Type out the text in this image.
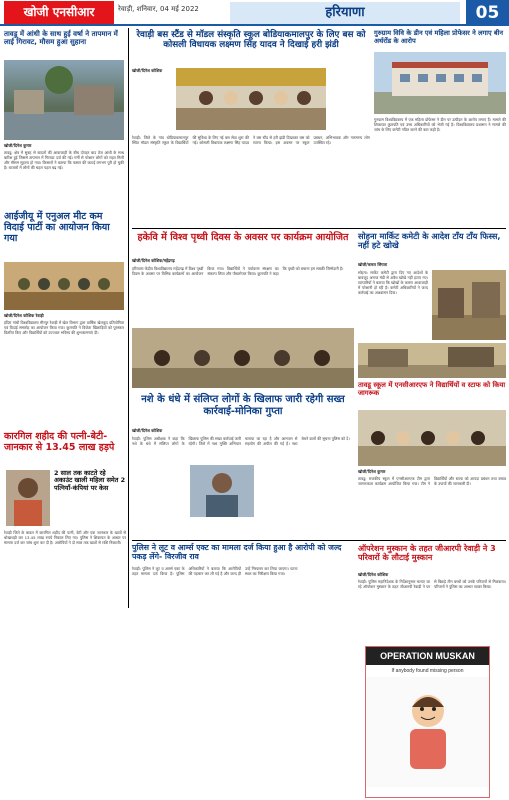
खोजी एनसीआर	रेवाड़ी, शनिवार, 04 मई 2022	हरियाणा	05
तावडू में आंधी के साथ हुई वर्षा ने तापमान में लाई गिरावट, मौसम हुआ सुहाना
खोजी/दिनेश कुमार
तावडू: क्षेत्र में सुबह से बादलों की आवाजाही के बीच दोपहर बाद तेज आंधी के साथ बारिश हुई जिससे तापमान में गिरावट दर्ज की गई। गर्मी से परेशान लोगों को राहत मिली और मौसम सुहाना हो गया। किसानों ने बताया कि फसल की कटाई लगभग पूरी हो चुकी है। बाजारों में लोगों की चहल पहल बढ़ गई।
आईजीयू में एनुअल मीट कम विदाई पार्टी का आयोजन किया गया
खोजी/दिनेश कोशिक रेवाड़ी
इंदिरा गांधी विश्वविद्यालय मीरपुर रेवाड़ी में खेल विभाग द्वारा वार्षिक खेलकूद प्रतियोगिता एवं विदाई समारोह का आयोजन किया गया। कुलपति ने विजेता खिलाड़ियों को पुरस्कार वितरित किए और विद्यार्थियों को उज्ज्वल भविष्य की शुभकामनाएं दी।
कारगिल शहीद की पत्नी-बेटी-जानकार से 13.45 लाख हड़पे
2 साल तक काटते रहे अकाउंट खाली महिला समेत 2 पत्नियाँ-कंपियां पर केस
रेवाड़ी जिले के बावल में कारगिल शहीद की पत्नी, बेटी और एक जानकार के खातों से धोखाधड़ी कर 13.45 लाख रुपये निकाल लिए गए। पुलिस ने शिकायत के आधार पर मामला दर्ज कर जांच शुरू कर दी है। आरोपियों ने दो साल तक खातों से राशि निकाली।
रेवाड़ी बस स्टैंड से मॉडल संस्कृति स्कूल बोडियाकमालपुर के लिए बस को कोसली विधायक लक्ष्मण सिंह यादव ने दिखाई हरी झंडी
खोजी/दिनेश कोशिक
रेवाड़ी: जिले के गांव बोडियाकमालपुर स्थित मॉडल संस्कृति स्कूल के विद्यार्थियों की सुविधा के लिए नई बस सेवा शुरू की गई। कोसली विधायक लक्ष्मण सिंह यादव ने बस स्टैंड से हरी झंडी दिखाकर बस को रवाना किया। इस अवसर पर स्कूल प्रबंधन, अभिभावक और गणमान्य लोग उपस्थित रहे।
गुरुग्राम विवि के डीन एवं महिला प्रोफेसर ने लगाए बीन अर्थरोंड के आरोप
गुरुग्राम विश्वविद्यालय में एक महिला प्रोफेसर ने डीन पर उत्पीड़न के आरोप लगाए हैं। मामले की शिकायत कुलपति एवं उच्च अधिकारियों को भेजी गई है। विश्वविद्यालय प्रशासन ने मामले की जांच के लिए कमेटी गठित करने की बात कही है।
हकेवि में विश्व पृथ्वी दिवस के अवसर पर कार्यक्रम आयोजित
खोजी/दिनेश कोशिक/महेंद्रगढ़
हरियाणा केंद्रीय विश्वविद्यालय महेंद्रगढ़ में विश्व पृथ्वी दिवस के अवसर पर विभिन्न कार्यक्रमों का आयोजन किया गया। विद्यार्थियों ने पर्यावरण संरक्षण का संकल्प लिया और पौधारोपण किया। कुलपति ने कहा कि पृथ्वी को बचाना हम सबकी जिम्मेदारी है।
सोहना मार्किट कमेटी के आदेश टाँय टाँय फिस्स, नहीं हटे खोखे
खोजी/कमल सिंगला
सोहना: मार्केट कमेटी द्वारा दिए गए आदेशों के बावजूद अनाज मंडी से अवैध खोखे नहीं हटाए गए। व्यापारियों ने बताया कि खोखों के कारण आवाजाही में परेशानी हो रही है। कमेटी अधिकारियों ने जल्द कार्रवाई का आश्वासन दिया।
तावडू स्कूल में एनसीआरएफ ने विद्यार्थियों व स्टाफ को किया जागरूक
खोजी/दिनेश कुमार
तावडू: राजकीय स्कूल में एनसीआरएफ टीम द्वारा जागरूकता कार्यक्रम आयोजित किया गया। टीम ने विद्यार्थियों और स्टाफ को आपदा प्रबंधन तथा बचाव के उपायों की जानकारी दी।
नशे के धंधे में संलिप्त लोगों के खिलाफ जारी रहेगी सख्त कार्रवाई-मोनिका गुप्ता
खोजी/दिनेश कोशिक
रेवाड़ी: पुलिस अधीक्षक ने कहा कि नशे के धंधे में संलिप्त लोगों के खिलाफ पुलिस की सख्त कार्रवाई जारी रहेगी। जिले में नशा मुक्ति अभियान चलाया जा रहा है और आमजन से सहयोग की अपील की गई है। नशा बेचने वालों की सूचना पुलिस को दें।
पुलिस ने लूट व आर्म्स एक्ट का मामला दर्ज किया हुआ है आरोपी को जल्द पकड़ लेंगे- विरजीव राव
रेवाड़ी: पुलिस ने लूट व आर्म्स एक्ट के तहत मामला दर्ज किया है। पुलिस अधिकारियों ने बताया कि आरोपियों की पहचान कर ली गई है और जल्द ही उन्हें गिरफ्तार कर लिया जाएगा। घटना स्थल का निरीक्षण किया गया।
ऑपरेशन मुस्कान के तहत जीआरपी रेवाड़ी ने 3 परिवारों के लौटाई मुस्कान
खोजी/दिनेश कोशिक
रेवाड़ी: पुलिस महानिदेशक के निर्देशानुसार चलाए जा रहे ऑपरेशन मुस्कान के तहत जीआरपी रेवाड़ी ने घर से बिछड़े तीन बच्चों को उनके परिजनों से मिलवाया। परिजनों ने पुलिस का आभार व्यक्त किया।
OPERATION MUSKAN
If anybody found missing person
